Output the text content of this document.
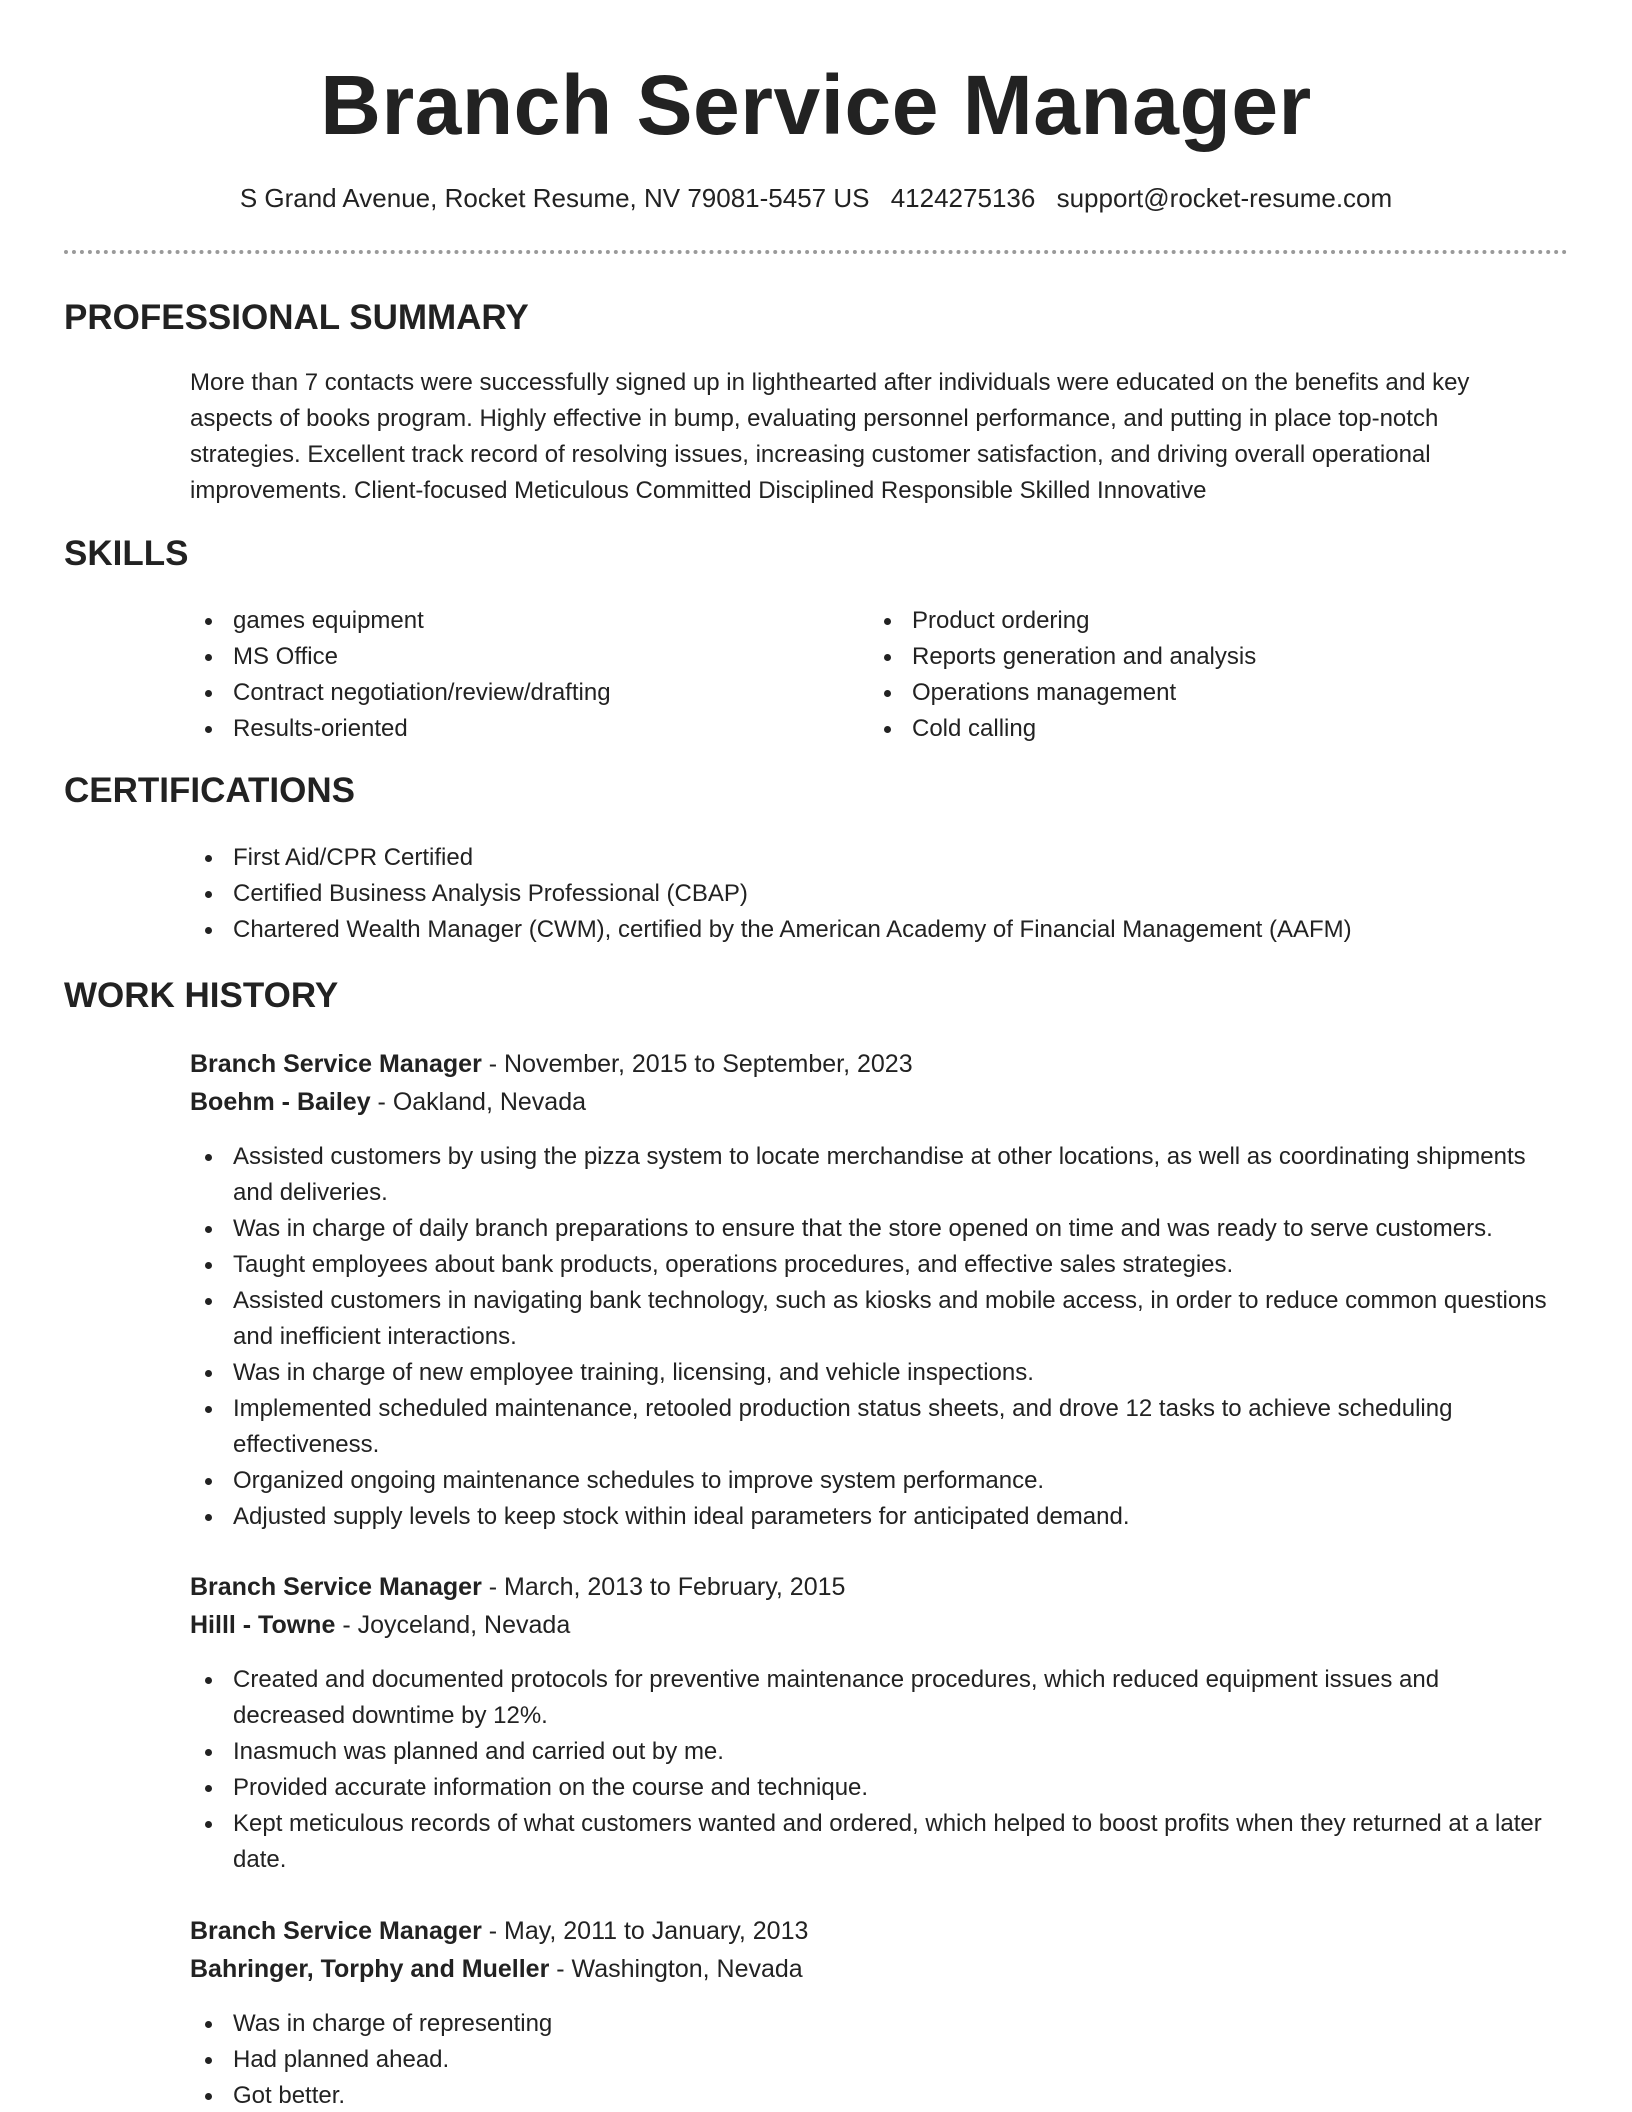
Branch Service Manager
S Grand Avenue, Rocket Resume, NV 79081-5457 US 4124275136 support@rocket-resume.com
PROFESSIONAL SUMMARY

More than 7 contacts were successfully signed up in lighthearted after individuals were educated on the benefits and key aspects of books program. Highly effective in bump, evaluating personnel performance, and putting in place top-notch strategies. Excellent track record of resolving issues, increasing customer satisfaction, and driving overall operational improvements. Client-focused Meticulous Committed Disciplined Responsible Skilled Innovative

SKILLS
games equipment
MS Office
Contract negotiation/review/drafting
Results-oriented
Product ordering
Reports generation and analysis
Operations management
Cold calling
CERTIFICATIONS
First Aid/CPR Certified
Certified Business Analysis Professional (CBAP)
Chartered Wealth Manager (CWM), certified by the American Academy of Financial Management (AAFM)
WORK HISTORY

Branch Service Manager - November, 2015 to September, 2023

Boehm - Bailey - Oakland, Nevada

Assisted customers by using the pizza system to locate merchandise at other locations, as well as coordinating shipments and deliveries.
Was in charge of daily branch preparations to ensure that the store opened on time and was ready to serve customers.
Taught employees about bank products, operations procedures, and effective sales strategies.
Assisted customers in navigating bank technology, such as kiosks and mobile access, in order to reduce common questions and inefficient interactions.
Was in charge of new employee training, licensing, and vehicle inspections.
Implemented scheduled maintenance, retooled production status sheets, and drove 12 tasks to achieve scheduling effectiveness.
Organized ongoing maintenance schedules to improve system performance.
Adjusted supply levels to keep stock within ideal parameters for anticipated demand.

Branch Service Manager - March, 2013 to February, 2015

Hilll - Towne - Joyceland, Nevada

Created and documented protocols for preventive maintenance procedures, which reduced equipment issues and decreased downtime by 12%.
Inasmuch was planned and carried out by me.
Provided accurate information on the course and technique.
Kept meticulous records of what customers wanted and ordered, which helped to boost profits when they returned at a later date.

Branch Service Manager - May, 2011 to January, 2013

Bahringer, Torphy and Mueller - Washington, Nevada

Was in charge of representing
Had planned ahead.
Got better.
